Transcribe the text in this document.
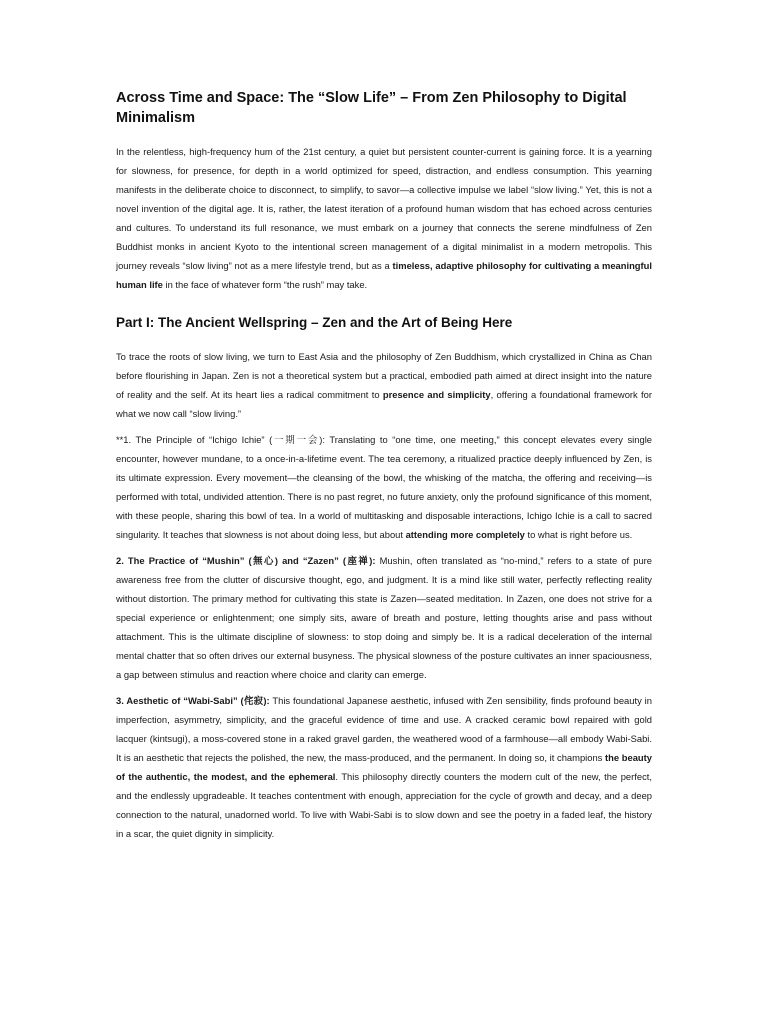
Across Time and Space: The “Slow Life” – From Zen Philosophy to Digital Minimalism

In the relentless, high-frequency hum of the 21st century, a quiet but persistent counter-current is gaining force. It is a yearning for slowness, for presence, for depth in a world optimized for speed, distraction, and endless consumption. This yearning manifests in the deliberate choice to disconnect, to simplify, to savor—a collective impulse we label “slow living.” Yet, this is not a novel invention of the digital age. It is, rather, the latest iteration of a profound human wisdom that has echoed across centuries and cultures. To understand its full resonance, we must embark on a journey that connects the serene mindfulness of Zen Buddhist monks in ancient Kyoto to the intentional screen management of a digital minimalist in a modern metropolis. This journey reveals “slow living” not as a mere lifestyle trend, but as a timeless, adaptive philosophy for cultivating a meaningful human life in the face of whatever form “the rush” may take.

Part I: The Ancient Wellspring – Zen and the Art of Being Here

To trace the roots of slow living, we turn to East Asia and the philosophy of Zen Buddhism, which crystallized in China as Chan before flourishing in Japan. Zen is not a theoretical system but a practical, embodied path aimed at direct insight into the nature of reality and the self. At its heart lies a radical commitment to presence and simplicity, offering a foundational framework for what we now call “slow living.”

**1. The Principle of “Ichigo Ichie” (一期一会): Translating to “one time, one meeting,” this concept elevates every single encounter, however mundane, to a once-in-a-lifetime event. The tea ceremony, a ritualized practice deeply influenced by Zen, is its ultimate expression. Every movement—the cleansing of the bowl, the whisking of the matcha, the offering and receiving—is performed with total, undivided attention. There is no past regret, no future anxiety, only the profound significance of this moment, with these people, sharing this bowl of tea. In a world of multitasking and disposable interactions, Ichigo Ichie is a call to sacred singularity. It teaches that slowness is not about doing less, but about attending more completely to what is right before us.

2. The Practice of “Mushin” (無心) and “Zazen” (座禅): Mushin, often translated as “no-mind,” refers to a state of pure awareness free from the clutter of discursive thought, ego, and judgment. It is a mind like still water, perfectly reflecting reality without distortion. The primary method for cultivating this state is Zazen—seated meditation. In Zazen, one does not strive for a special experience or enlightenment; one simply sits, aware of breath and posture, letting thoughts arise and pass without attachment. This is the ultimate discipline of slowness: to stop doing and simply be. It is a radical deceleration of the internal mental chatter that so often drives our external busyness. The physical slowness of the posture cultivates an inner spaciousness, a gap between stimulus and reaction where choice and clarity can emerge.

3. Aesthetic of “Wabi-Sabi” (侘寂): This foundational Japanese aesthetic, infused with Zen sensibility, finds profound beauty in imperfection, asymmetry, simplicity, and the graceful evidence of time and use. A cracked ceramic bowl repaired with gold lacquer (kintsugi), a moss-covered stone in a raked gravel garden, the weathered wood of a farmhouse—all embody Wabi-Sabi. It is an aesthetic that rejects the polished, the new, the mass-produced, and the permanent. In doing so, it champions the beauty of the authentic, the modest, and the ephemeral. This philosophy directly counters the modern cult of the new, the perfect, and the endlessly upgradeable. It teaches contentment with enough, appreciation for the cycle of growth and decay, and a deep connection to the natural, unadorned world. To live with Wabi-Sabi is to slow down and see the poetry in a faded leaf, the history in a scar, the quiet dignity in simplicity.
